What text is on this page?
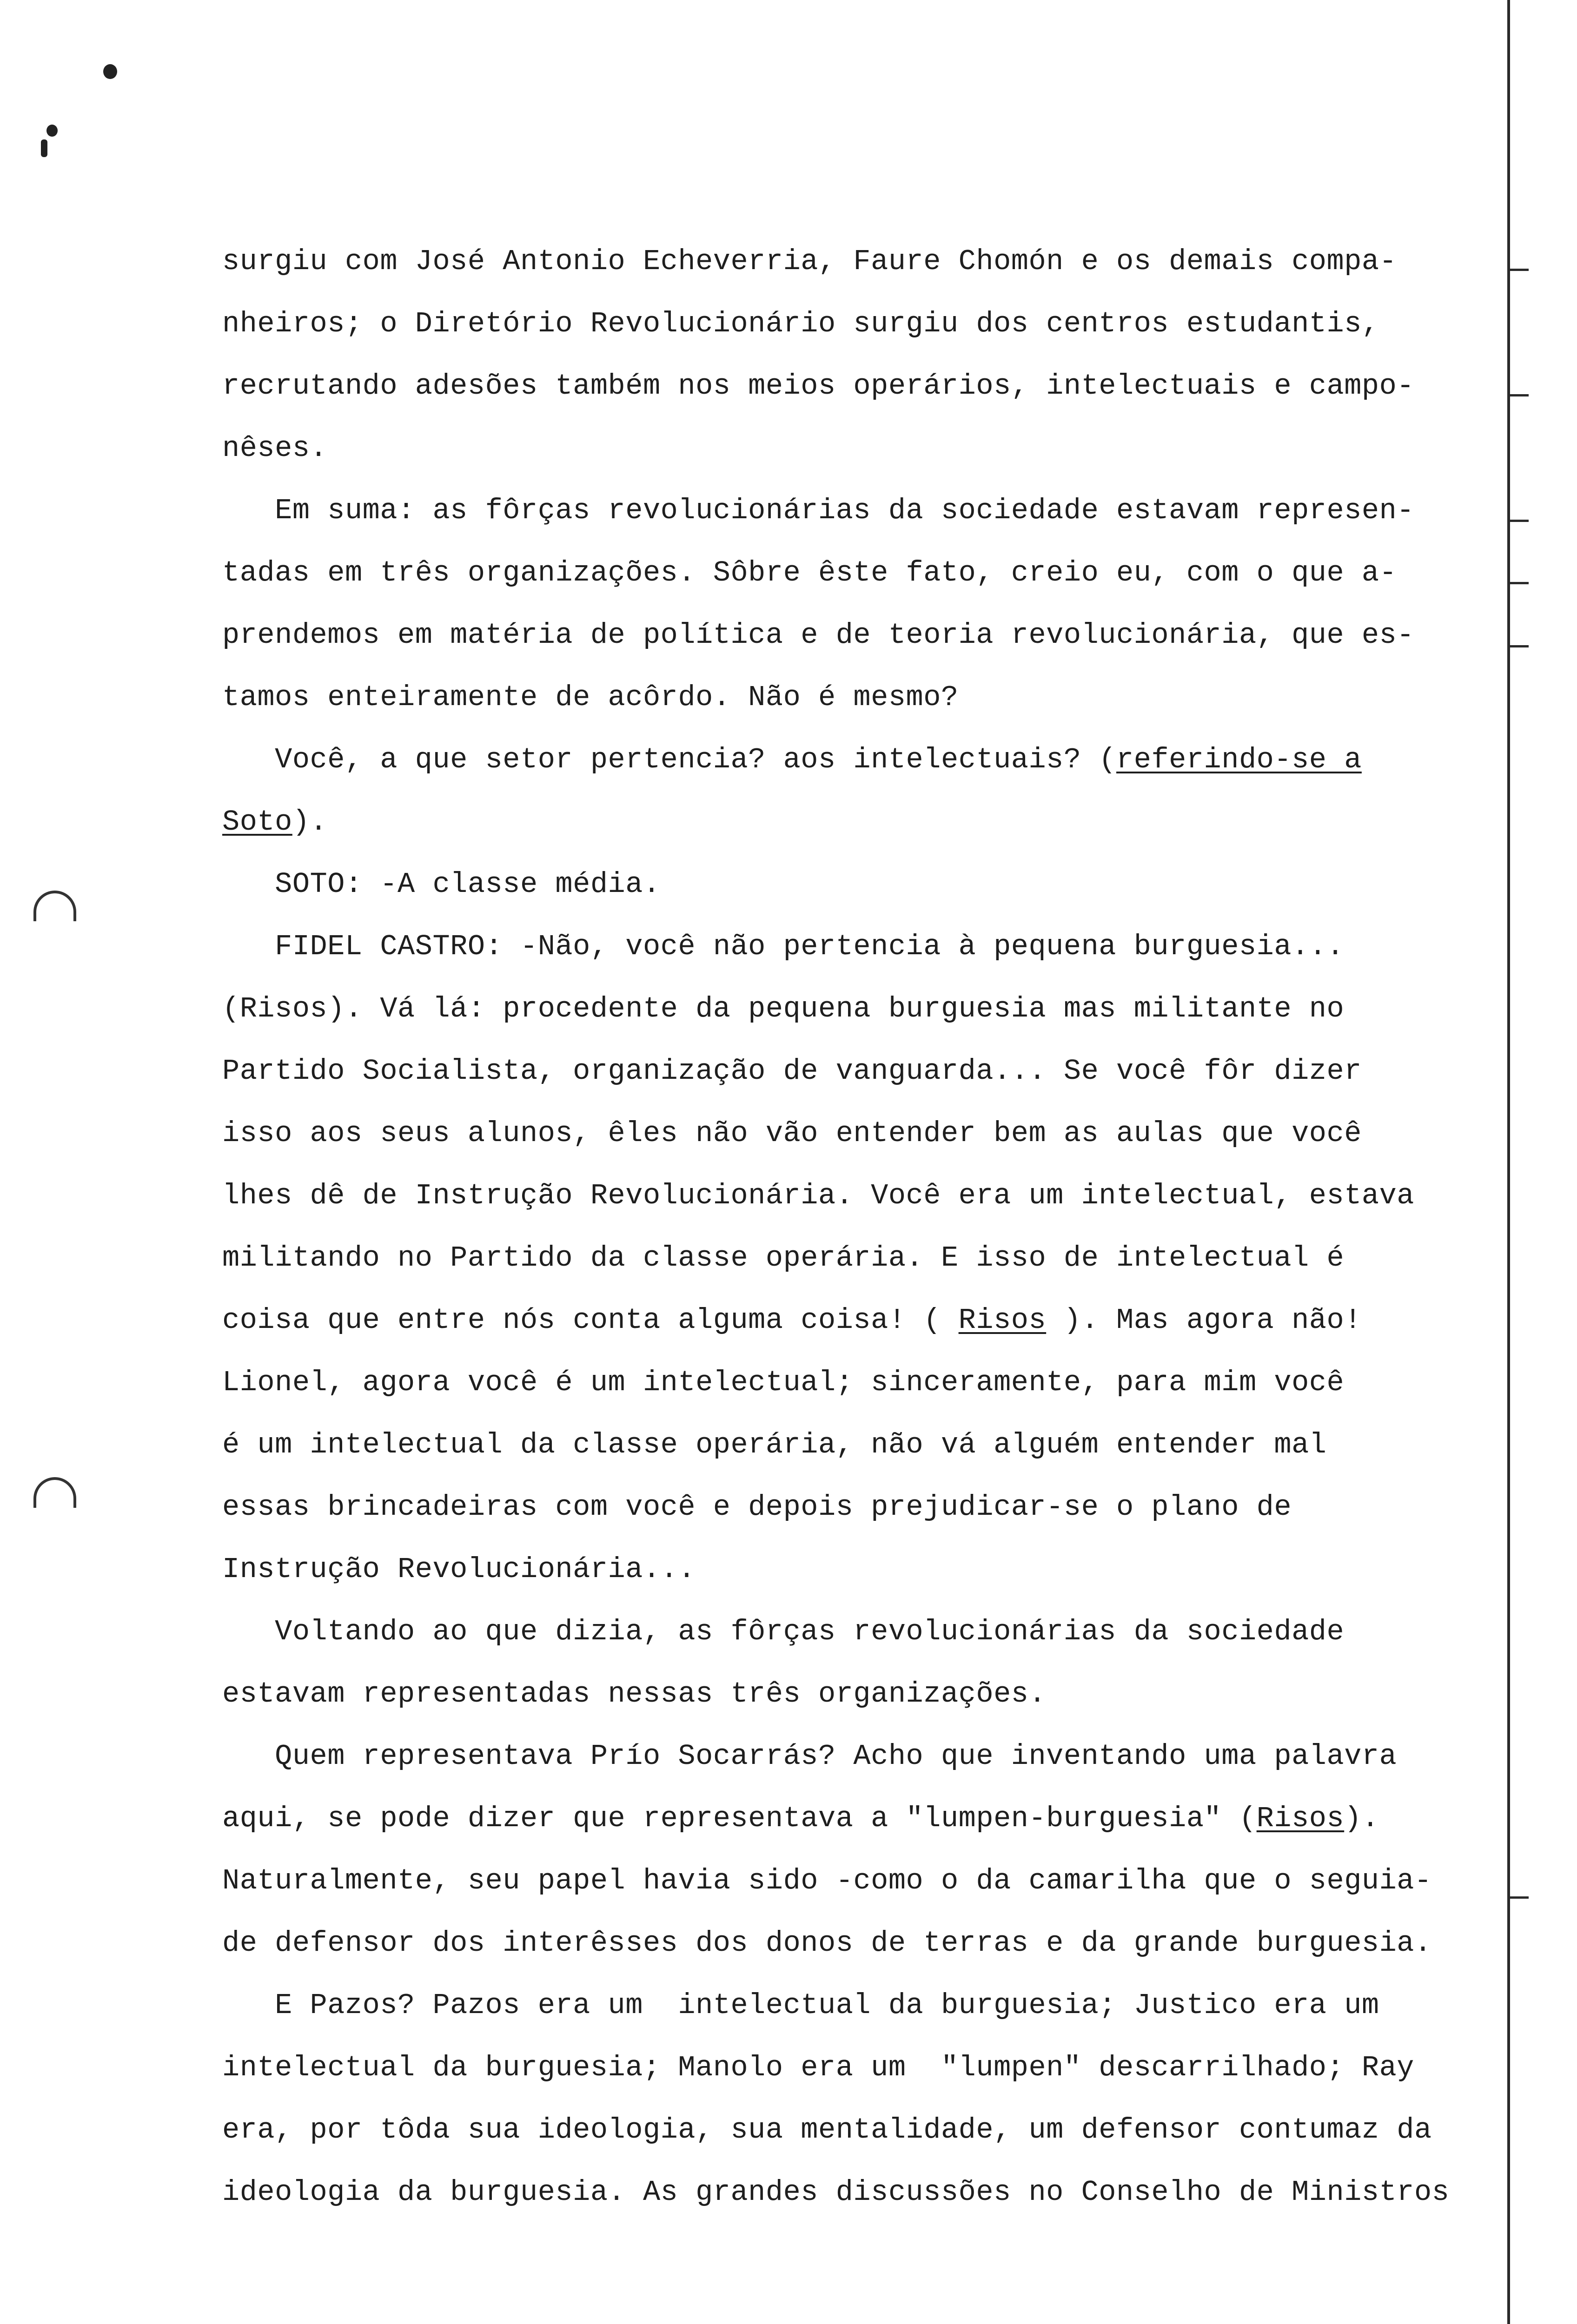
surgiu com José Antonio Echeverria, Faure Chomón e os demais compa-
nheiros; o Diretório Revolucionário surgiu dos centros estudantis,
recrutando adesões também nos meios operários, intelectuais e campo-
nêses.
Em suma: as fôrças revolucionárias da sociedade estavam represen-
tadas em três organizações. Sôbre êste fato, creio eu, com o que a-
prendemos em matéria de política e de teoria revolucionária, que es-
tamos enteiramente de acôrdo. Não é mesmo?
Você, a que setor pertencia? aos intelectuais? (referindo-se a
Soto).
SOTO: -A classe média.
FIDEL CASTRO: -Não, você não pertencia à pequena burguesia...
(Risos). Vá lá: procedente da pequena burguesia mas militante no
Partido Socialista, organização de vanguarda... Se você fôr dizer
isso aos seus alunos, êles não vão entender bem as aulas que você
lhes dê de Instrução Revolucionária. Você era um intelectual, estava
militando no Partido da classe operária. E isso de intelectual é
coisa que entre nós conta alguma coisa! ( Risos ). Mas agora não!
Lionel, agora você é um intelectual; sinceramente, para mim você
é um intelectual da classe operária, não vá alguém entender mal
essas brincadeiras com você e depois prejudicar-se o plano de
Instrução Revolucionária...
Voltando ao que dizia, as fôrças revolucionárias da sociedade
estavam representadas nessas três organizações.
Quem representava Prío Socarrás? Acho que inventando uma palavra
aqui, se pode dizer que representava a "lumpen-burguesia" (Risos).
Naturalmente, seu papel havia sido -como o da camarilha que o seguia-
de defensor dos interêsses dos donos de terras e da grande burguesia.
E Pazos? Pazos era um  intelectual da burguesia; Justico era um
intelectual da burguesia; Manolo era um  "lumpen" descarrilhado; Ray
era, por tôda sua ideologia, sua mentalidade, um defensor contumaz da
ideologia da burguesia. As grandes discussões no Conselho de Ministros
